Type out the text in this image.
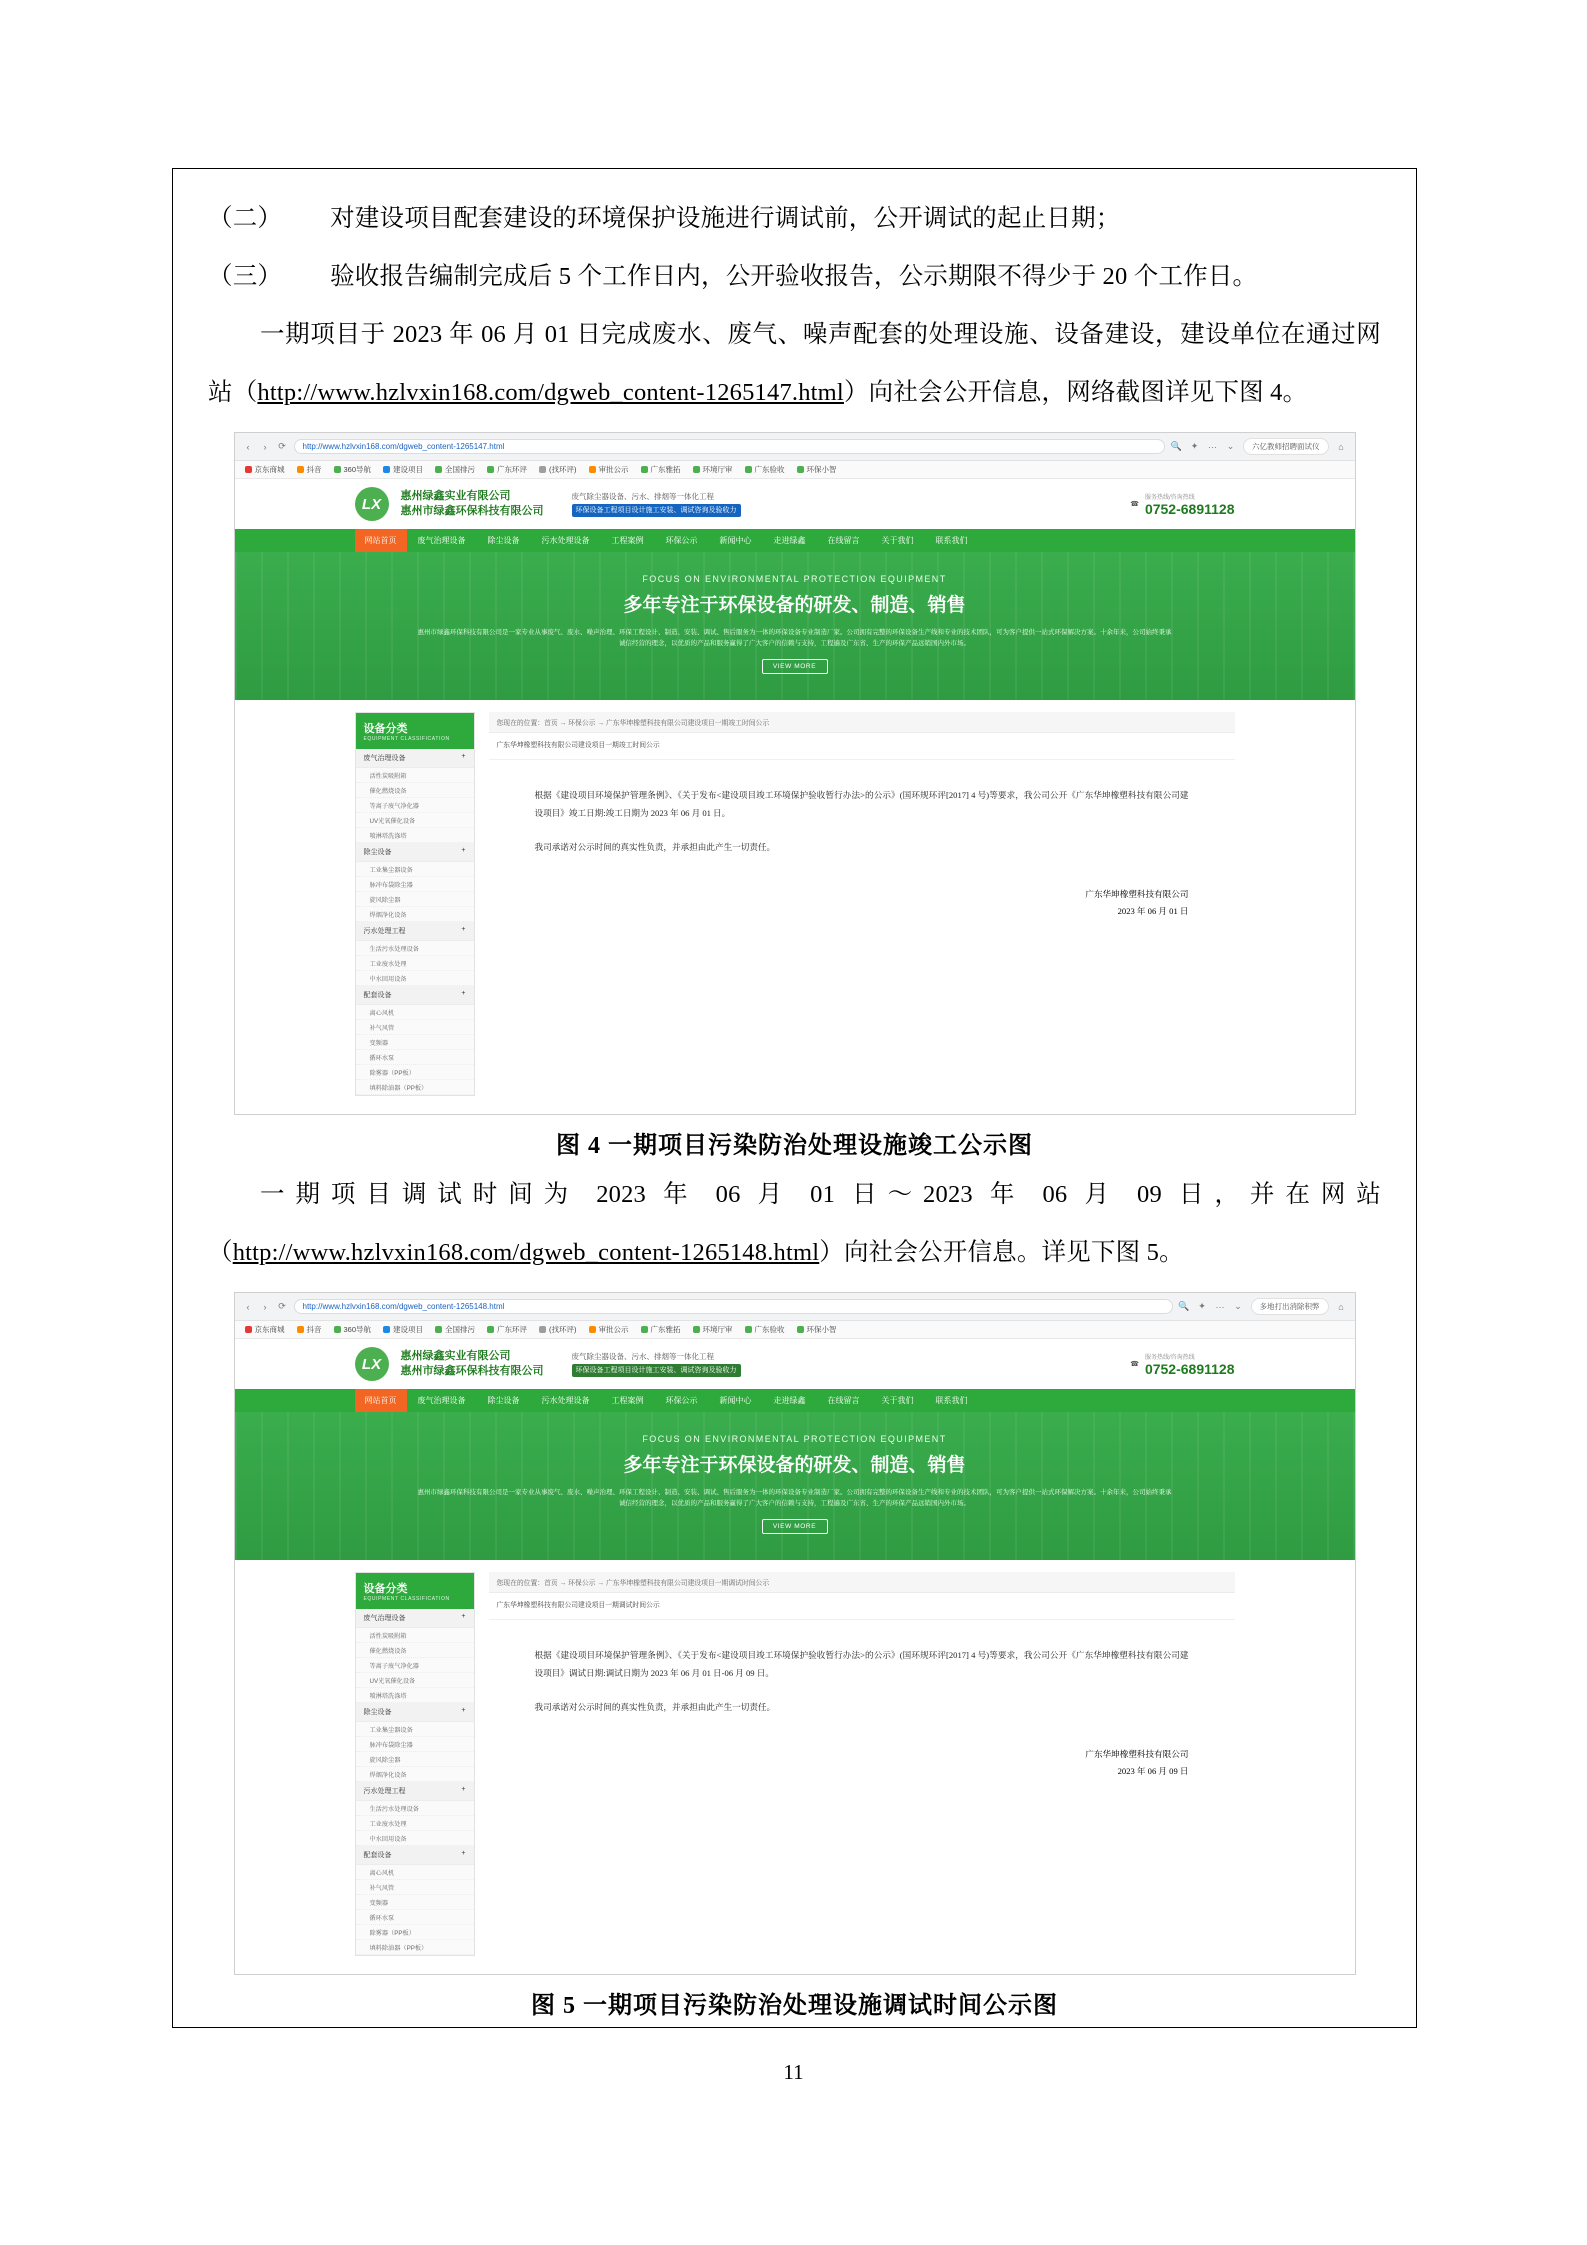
（二） 对建设项目配套建设的环境保护设施进行调试前，公开调试的起止日期；
（三） 验收报告编制完成后 5 个工作日内，公开验收报告，公示期限不得少于 20 个工作日。
一期项目于 2023 年 06 月 01 日完成废水、废气、噪声配套的处理设施、设备建设，建设单位在通过网站（http://www.hzlvxin168.com/dgweb_content-1265147.html）向社会公开信息，网络截图详见下图 4。
‹	›	⟳	http://www.hzlvxin168.com/dgweb_content-1265147.html	🔍 ✦ ··· ⌄	六亿教师招聘面试仪	⌂
京东商城	抖音	360导航	建设项目	全国排污	广东环评	(找环评)	审批公示	广东雅拓	环境厅审	广东验收	环保小智
LX	惠州绿鑫实业有限公司
惠州市绿鑫环保科技有限公司
废气除尘器设备、污水、排烟等一体化工程
环保设备工程项目设计施工安装、调试咨询及验收力
☎
服务热线/咨询热线
0752-6891128
网站首页	废气治理设备	除尘设备	污水处理设备	工程案例	环保公示	新闻中心	走进绿鑫	在线留言	关于我们	联系我们
FOCUS ON ENVIRONMENTAL PROTECTION EQUIPMENT
多年专注于环保设备的研发、制造、销售
惠州市绿鑫环保科技有限公司是一家专业从事废气、废水、噪声治理、环保工程设计、制造、安装、调试、售后服务为一体的环保设备专业制造厂家。公司拥有完整的环保设备生产线和专业的技术团队，可为客户提供一站式环保解决方案。十余年来，公司始终秉承诚信经营的理念，以优质的产品和服务赢得了广大客户的信赖与支持，工程遍及广东省、生产的环保产品远销国内外市场。
VIEW MORE
设备分类
EQUIPMENT CLASSIFICATION
废气治理设备	+
活性炭吸附箱
催化燃烧设备
等离子废气净化器
UV光氧催化设备
喷淋塔洗涤塔
除尘设备	+
工业集尘器设备
脉冲布袋除尘器
旋风除尘器
焊烟净化设备
污水处理工程	+
生活污水处理设备
工业废水处理
中水回用设备
配套设备	+
离心风机
补气风管
变频器
循环水泵
除雾器（PP板）
填料除油器（PP板）
您现在的位置：首页 → 环保公示 → 广东华坤橡塑科技有限公司建设项目一期竣工时间公示
广东华坤橡塑科技有限公司建设项目一期竣工时间公示

根据《建设项目环境保护管理条例》、《关于发布<建设项目竣工环境保护验收暂行办法>的公示》(国环规环评[2017] 4 号)等要求，我公司公开《广东华坤橡塑科技有限公司建设项目》竣工日期:竣工日期为 2023 年 06 月 01 日。

我司承诺对公示时间的真实性负责，并承担由此产生一切责任。

广东华坤橡塑科技有限公司
2023 年 06 月 01 日
图 4 一期项目污染防治处理设施竣工公示图
一期项目调试时间为 2023 年 06 月 01 日～2023 年 06 月 09 日，并在网站（http://www.hzlvxin168.com/dgweb_content-1265148.html）向社会公开信息。详见下图 5。
‹	›	⟳	http://www.hzlvxin168.com/dgweb_content-1265148.html	🔍 ✦ ··· ⌄	多地打出消除积弊	⌂
京东商城	抖音	360导航	建设项目	全国排污	广东环评	(找环评)	审批公示	广东雅拓	环境厅审	广东验收	环保小智
LX	惠州绿鑫实业有限公司
惠州市绿鑫环保科技有限公司
废气除尘器设备、污水、排烟等一体化工程
环保设备工程项目设计施工安装、调试咨询及验收力
☎
服务热线/咨询热线
0752-6891128
网站首页	废气治理设备	除尘设备	污水处理设备	工程案例	环保公示	新闻中心	走进绿鑫	在线留言	关于我们	联系我们
FOCUS ON ENVIRONMENTAL PROTECTION EQUIPMENT
多年专注于环保设备的研发、制造、销售
惠州市绿鑫环保科技有限公司是一家专业从事废气、废水、噪声治理、环保工程设计、制造、安装、调试、售后服务为一体的环保设备专业制造厂家。公司拥有完整的环保设备生产线和专业的技术团队，可为客户提供一站式环保解决方案。十余年来，公司始终秉承诚信经营的理念，以优质的产品和服务赢得了广大客户的信赖与支持，工程遍及广东省、生产的环保产品远销国内外市场。
VIEW MORE
设备分类
EQUIPMENT CLASSIFICATION
废气治理设备	+
活性炭吸附箱
催化燃烧设备
等离子废气净化器
UV光氧催化设备
喷淋塔洗涤塔
除尘设备	+
工业集尘器设备
脉冲布袋除尘器
旋风除尘器
焊烟净化设备
污水处理工程	+
生活污水处理设备
工业废水处理
中水回用设备
配套设备	+
离心风机
补气风管
变频器
循环水泵
除雾器（PP板）
填料除油器（PP板）
您现在的位置：首页 → 环保公示 → 广东华坤橡塑科技有限公司建设项目一期调试时间公示
广东华坤橡塑科技有限公司建设项目一期调试时间公示

根据《建设项目环境保护管理条例》、《关于发布<建设项目竣工环境保护验收暂行办法>的公示》(国环规环评[2017] 4 号)等要求，我公司公开《广东华坤橡塑科技有限公司建设项目》调试日期:调试日期为 2023 年 06 月 01 日-06 月 09 日。

我司承诺对公示时间的真实性负责，并承担由此产生一切责任。

广东华坤橡塑科技有限公司
2023 年 06 月 09 日
图 5 一期项目污染防治处理设施调试时间公示图
11
